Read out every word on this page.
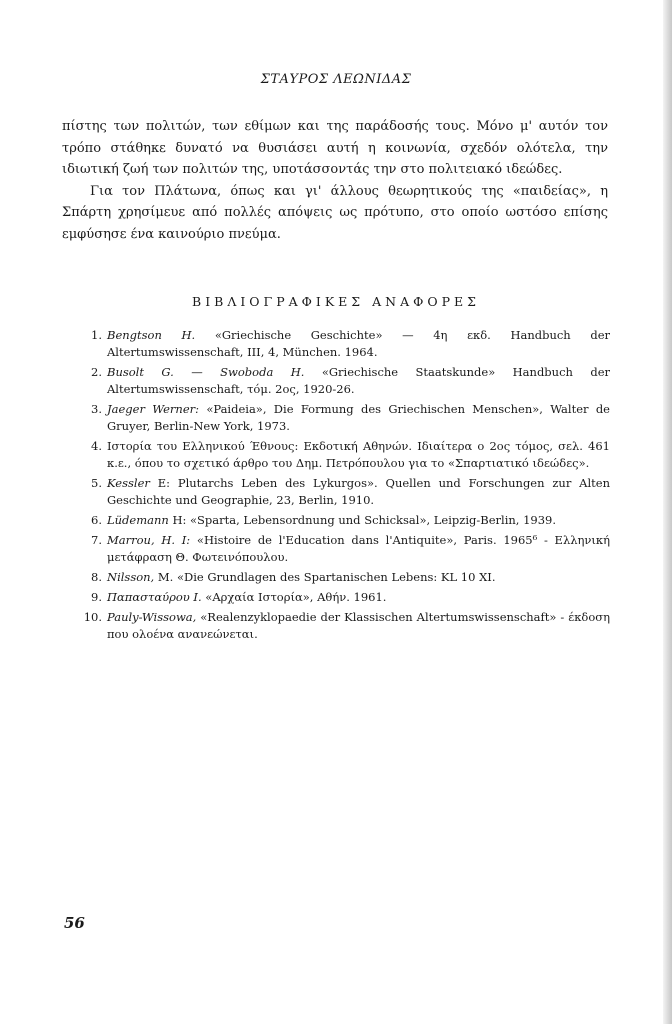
ΣΤΑΥΡΟΣ ΛΕΩΝΙΔΑΣ

πίστης των πολιτών, των εθίμων και της παράδοσής τους. Μόνο μ' αυτόν τον τρόπο στάθηκε δυνατό να θυσιάσει αυτή η κοινωνία, σχεδόν ολότελα, την ιδιωτική ζωή των πολιτών της, υποτάσσοντάς την στο πολιτειακό ιδεώδες.

Για τον Πλάτωνα, όπως και γι' άλλους θεωρητικούς της «παιδείας», η Σπάρτη χρησίμευε από πολλές απόψεις ως πρότυπο, στο οποίο ωστόσο επίσης εμφύσησε ένα καινούριο πνεύμα.

ΒΙΒΛΙΟΓΡΑΦΙΚΕΣ ΑΝΑΦΟΡΕΣ
1. Bengtson H. «Griechische Geschichte» — 4η εκδ. Handbuch der Altertumswissenschaft, III, 4, München. 1964.
2. Busolt G. — Swoboda H. «Griechische Staatskunde» Handbuch der Altertumswissenschaft, τόμ. 2ος, 1920-26.
3. Jaeger Werner: «Paideia», Die Formung des Griechischen Menschen», Walter de Gruyer, Berlin-New York, 1973.
4. Ιστορία του Ελληνικού Έθνους: Εκδοτική Αθηνών. Ιδιαίτερα ο 2ος τόμος, σελ. 461 κ.ε., όπου το σχετικό άρθρο του Δημ. Πετρόπουλου για το «Σπαρτιατικό ιδεώδες».
5. Kessler E: Plutarchs Leben des Lykurgos». Quellen und Forschungen zur Alten Geschichte und Geographie, 23, Berlin, 1910.
6. Lüdemann H: «Sparta, Lebensordnung und Schicksal», Leipzig-Berlin, 1939.
7. Marrou, H. I: «Histoire de l'Education dans l'Antiquite», Paris. 1965⁶ - Ελληνική μετάφραση Θ. Φωτεινόπουλου.
8. Nilsson, M. «Die Grundlagen des Spartanischen Lebens: KL 10 XI.
9. Παπασταύρου Ι. «Αρχαία Ιστορία», Αθήν. 1961.
10. Pauly-Wissowa, «Realenzyklopaedie der Klassischen Altertumswissenschaft» - έκδοση που ολοένα ανανεώνεται.
56
